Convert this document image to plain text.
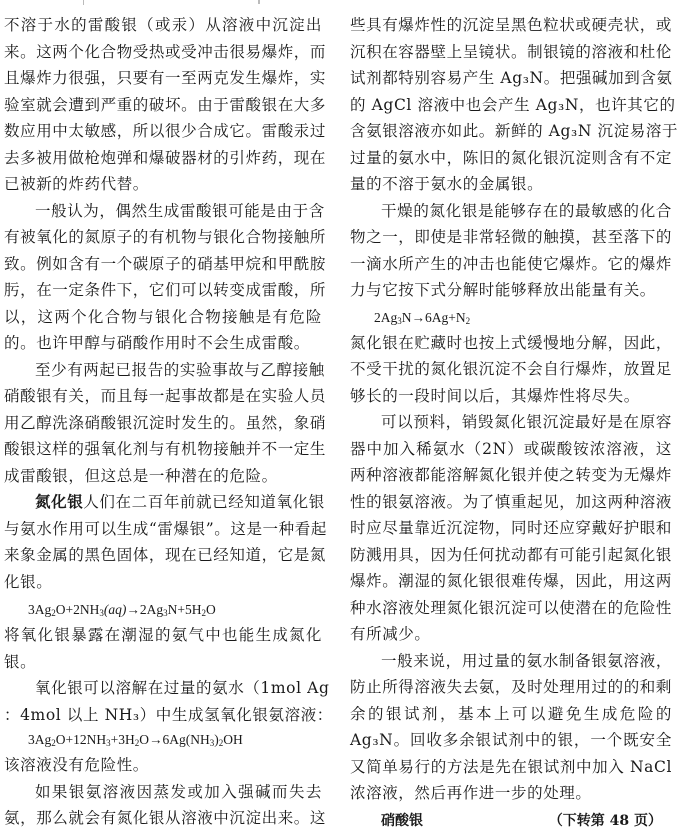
不溶于水的雷酸银（或汞）从溶液中沉淀出
来。这两个化合物受热或受冲击很易爆炸，而
且爆炸力很强，只要有一至两克发生爆炸，实
验室就会遭到严重的破坏。由于雷酸银在大多
数应用中太敏感，所以很少合成它。雷酸汞过
去多被用做枪炮弹和爆破器材的引炸药，现在
已被新的炸药代替。
一般认为，偶然生成雷酸银可能是由于含
有被氧化的氮原子的有机物与银化合物接触所
致。例如含有一个碳原子的硝基甲烷和甲酰胺
肟，在一定条件下，它们可以转变成雷酸，所
以，这两个化合物与银化合物接触是有危险
的。也许甲醇与硝酸作用时不会生成雷酸。
至少有两起已报告的实验事故与乙醇接触
硝酸银有关，而且每一起事故都是在实验人员
用乙醇洗涤硝酸银沉淀时发生的。虽然，象硝
酸银这样的强氧化剂与有机物接触并不一定生
成雷酸银，但这总是一种潜在的危险。
氮化银 人们在二百年前就已经知道氧化银
与氨水作用可以生成“雷爆银”。这是一种看起
来象金属的黑色固体，现在已经知道，它是氮
化银。
$3Ag_2O+2NH_3(aq)\to 2Ag_3N+5H_2O$
将氧化银暴露在潮湿的氨气中也能生成氮化
银。
氧化银可以溶解在过量的氨水（1mol Ag
：4mol 以上 NH₃）中生成氢氧化银氨溶液：
$3Ag_2O+12NH_3+3H_2O\to 6Ag(NH_3)_2OH$
该溶液没有危险性。
如果银氨溶液因蒸发或加入强碱而失去
氨，那么就会有氮化银从溶液中沉淀出来。这
些具有爆炸性的沉淀呈黑色粒状或硬壳状，或
沉积在容器壁上呈镜状。制银镜的溶液和杜伦
试剂都特别容易产生 Ag₃N。把强碱加到含氨
的 AgCl 溶液中也会产生 Ag₃N，也许其它的
含氨银溶液亦如此。新鲜的 Ag₃N 沉淀易溶于
过量的氨水中，陈旧的氮化银沉淀则含有不定
量的不溶于氨水的金属银。
干燥的氮化银是能够存在的最敏感的化合
物之一，即使是非常轻微的触摸，甚至落下的
一滴水所产生的冲击也能使它爆炸。它的爆炸
力与它按下式分解时能够释放出能量有关。
$2Ag_3N\to 6Ag+N_2$
氮化银在贮藏时也按上式缓慢地分解，因此，
不受干扰的氮化银沉淀不会自行爆炸，放置足
够长的一段时间以后，其爆炸性将尽失。
可以预料，销毁氮化银沉淀最好是在原容
器中加入稀氨水（2N）或碳酸铵浓溶液，这
两种溶液都能溶解氮化银并使之转变为无爆炸
性的银氨溶液。为了慎重起见，加这两种溶液
时应尽量靠近沉淀物，同时还应穿戴好护眼和
防溅用具，因为任何扰动都有可能引起氮化银
爆炸。潮湿的氮化银很难传爆，因此，用这两
种水溶液处理氮化银沉淀可以使潜在的危险性
有所减少。
一般来说，用过量的氨水制备银氨溶液，
防止所得溶液失去氨，及时处理用过的的和剩
余的银试剂，基本上可以避免生成危险的
Ag₃N。回收多余银试剂中的银，一个既安全
又简单易行的方法是先在银试剂中加入 NaCl
浓溶液，然后再作进一步的处理。
硝酸银	（下转第 48 页）
